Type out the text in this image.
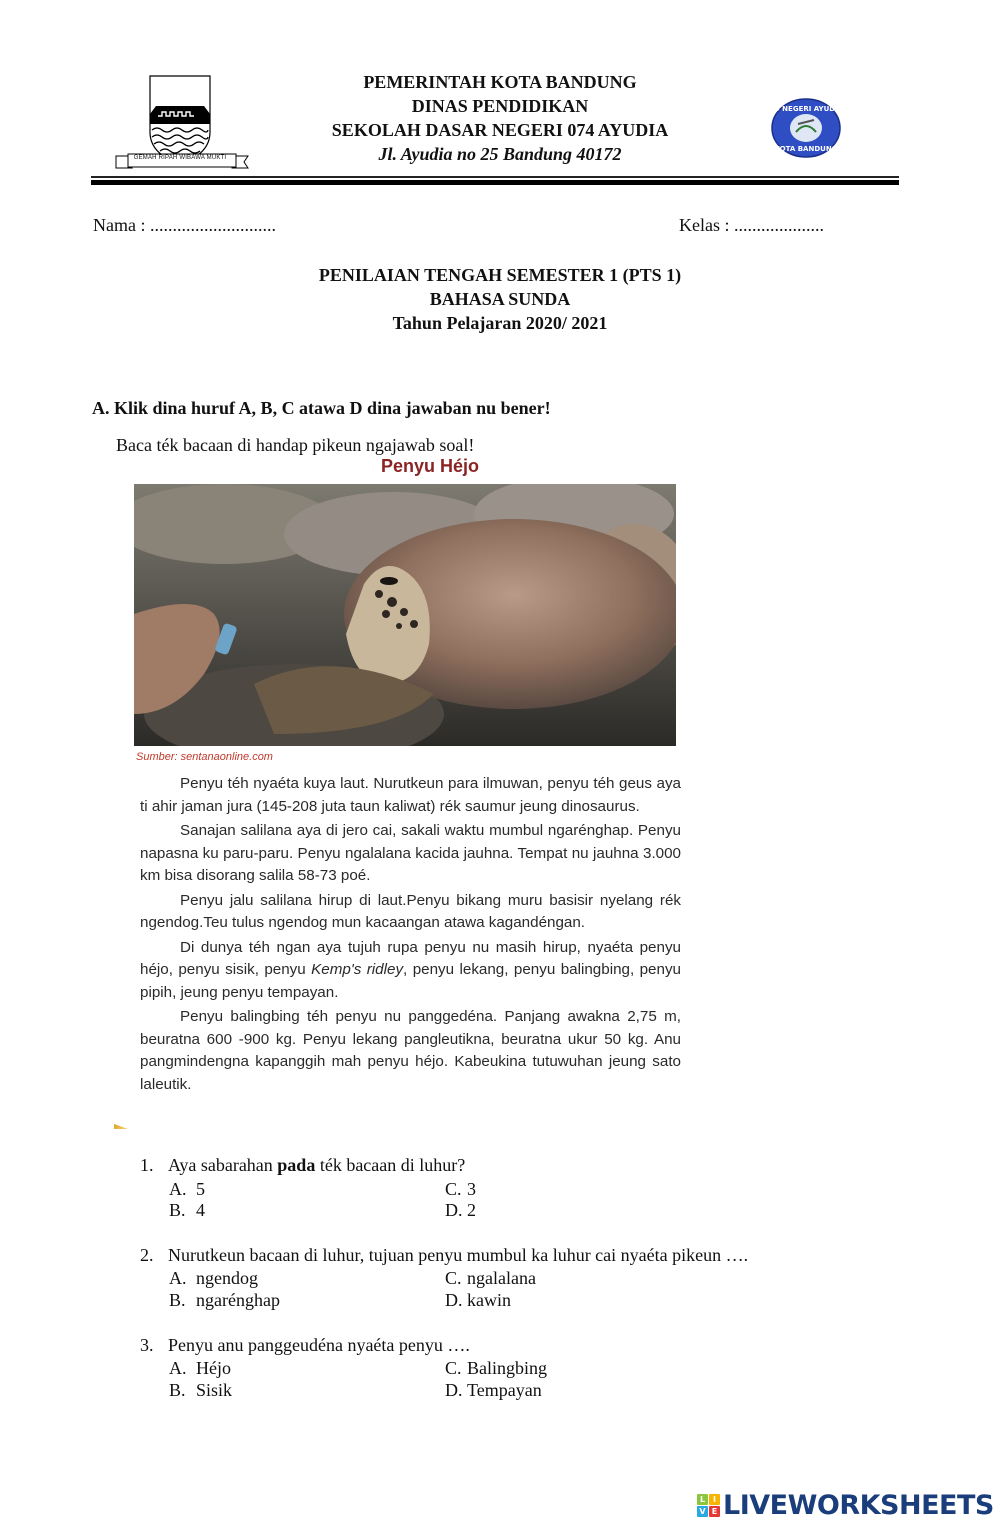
GEMAH RIPAH WIBAWA MUKTI
SD NEGERI AYUDIA
KOTA BANDUNG
PEMERINTAH KOTA BANDUNG
DINAS PENDIDIKAN
SEKOLAH DASAR NEGERI 074 AYUDIA
Jl. Ayudia no 25 Bandung 40172
Nama : ............................	Kelas : ....................
PENILAIAN TENGAH SEMESTER 1 (PTS 1)
BAHASA SUNDA
Tahun Pelajaran 2020/ 2021
A. Klik dina huruf A, B, C atawa D dina jawaban nu bener!
Baca ték bacaan di handap pikeun ngajawab soal!
Penyu Héjo
Sumber: sentanaonline.com

Penyu téh nyaéta kuya laut. Nurutkeun para ilmuwan, penyu téh geus aya ti ahir jaman jura (145-208 juta taun kaliwat) rék saumur jeung dinosaurus.

Sanajan salilana aya di jero cai, sakali waktu mumbul ngarénghap. Penyu napasna ku paru-paru. Penyu ngalalana kacida jauhna. Tempat nu jauhna 3.000 km bisa disorang salila 58-73 poé.

Penyu jalu salilana hirup di laut.Penyu bikang muru basisir nyelang rék ngendog.Teu tulus ngendog mun kacaangan atawa kagandéngan.

Di dunya téh ngan aya tujuh rupa penyu nu masih hirup, nyaéta penyu héjo, penyu sisik, penyu Kemp's ridley, penyu lekang, penyu balingbing, penyu pipih, jeung penyu tempayan.

Penyu balingbing téh penyu nu panggedéna. Panjang awakna 2,75 m, beuratna 600 -900 kg. Penyu lekang pangleutikna, beuratna ukur 50 kg. Anu pangmindengna kapanggih mah penyu héjo. Kabeukina tutuwuhan jeung sato laleutik.

1. Aya sabarahan pada ték bacaan di luhur?
A. 5
B. 4
C. 3
D. 2
2. Nurutkeun bacaan di luhur, tujuan penyu mumbul ka luhur cai nyaéta pikeun ….
A. ngendog
B. ngarénghap
C. ngalalana
D. kawin
3. Penyu anu panggeudéna nyaéta penyu ….
A. Héjo
B. Sisik
C. Balingbing
D. Tempayan
L I
V E LIVEWORKSHEETS
